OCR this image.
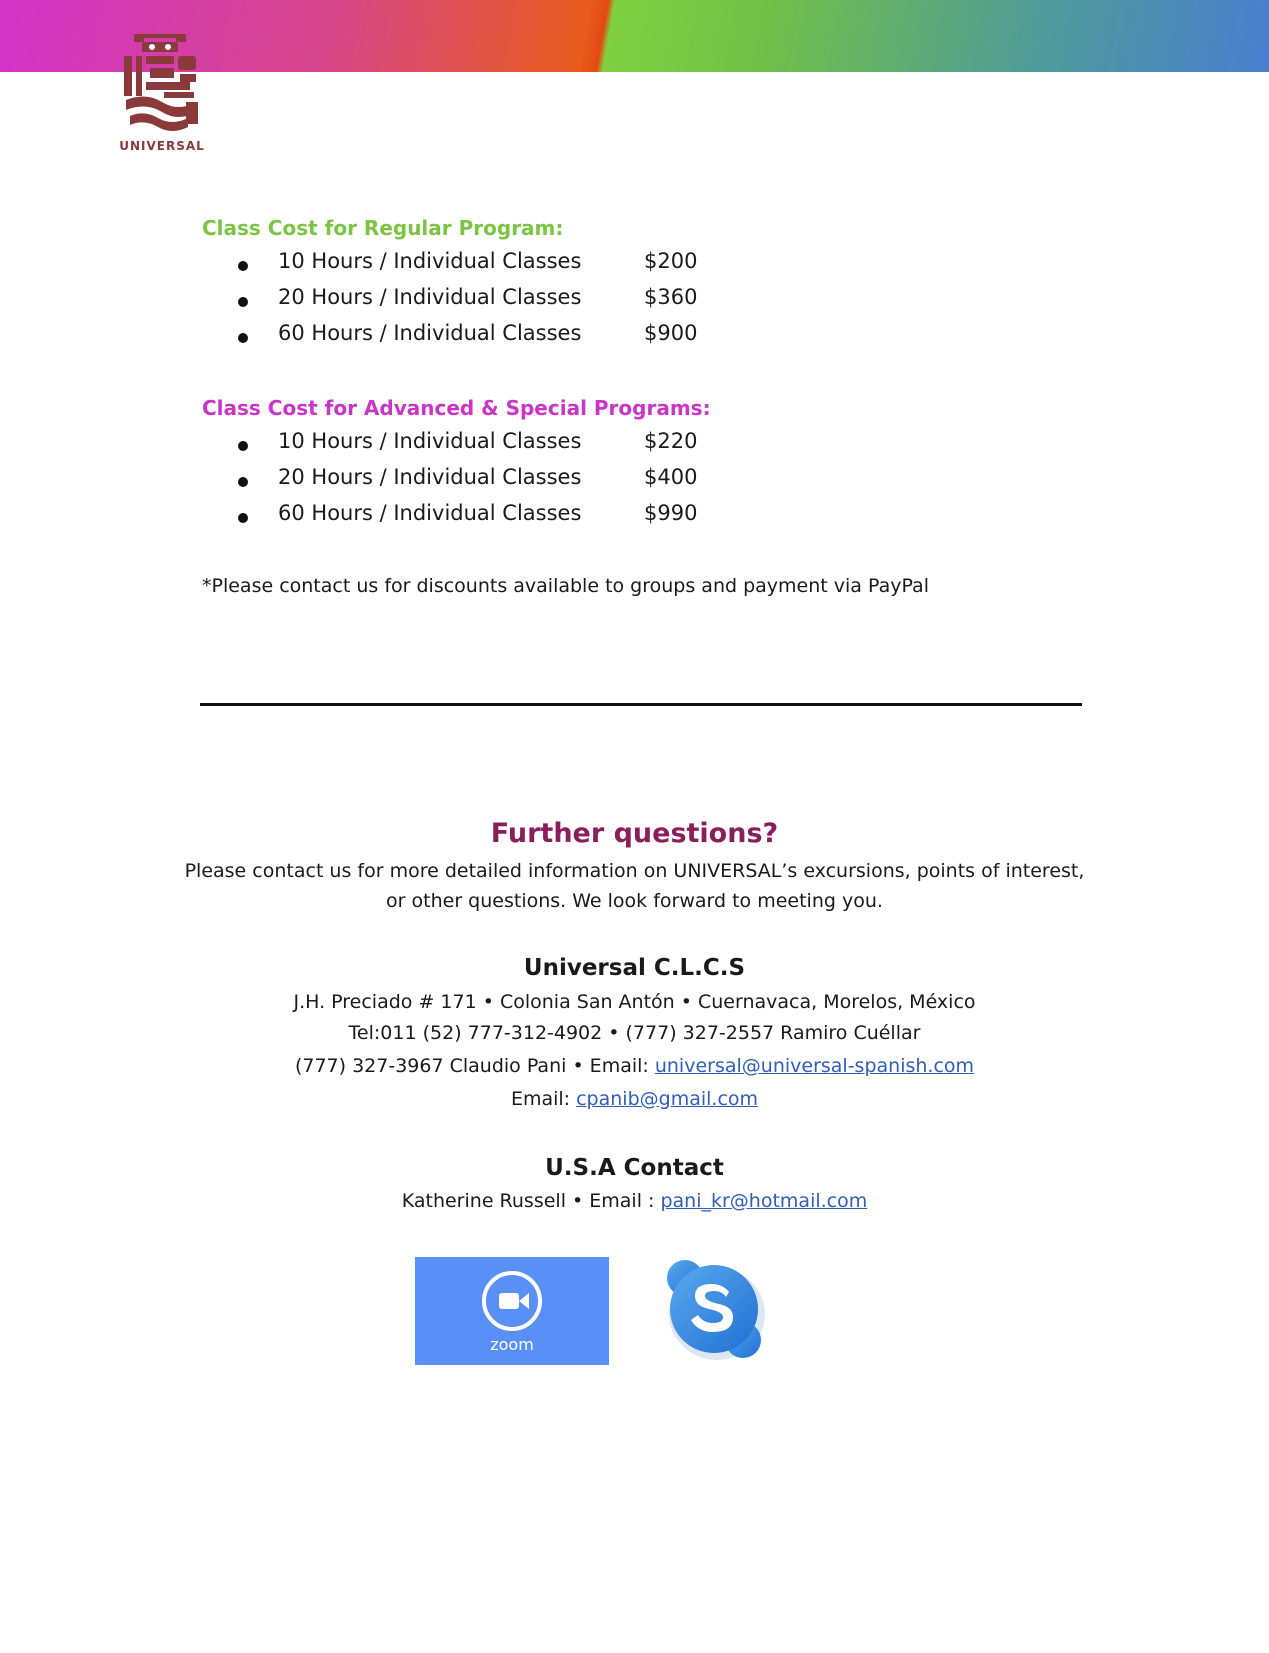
UNIVERSAL
Class Cost for Regular Program:
10 Hours / Individual Classes	$200
20 Hours / Individual Classes	$360
60 Hours / Individual Classes	$900
Class Cost for Advanced & Special Programs:
10 Hours / Individual Classes	$220
20 Hours / Individual Classes	$400
60 Hours / Individual Classes	$990
*Please contact us for discounts available to groups and payment via PayPal
Further questions?
Please contact us for more detailed information on UNIVERSAL’s excursions, points of interest,
or other questions. We look forward to meeting you.
Universal C.L.C.S
J.H. Preciado # 171 • Colonia San Antón • Cuernavaca, Morelos, México
Tel:011 (52) 777-312-4902 • (777) 327-2557 Ramiro Cuéllar
(777) 327-3967 Claudio Pani • Email: universal@universal-spanish.com
Email: cpanib@gmail.com
U.S.A Contact
Katherine Russell • Email : pani_kr@hotmail.com
zoom
